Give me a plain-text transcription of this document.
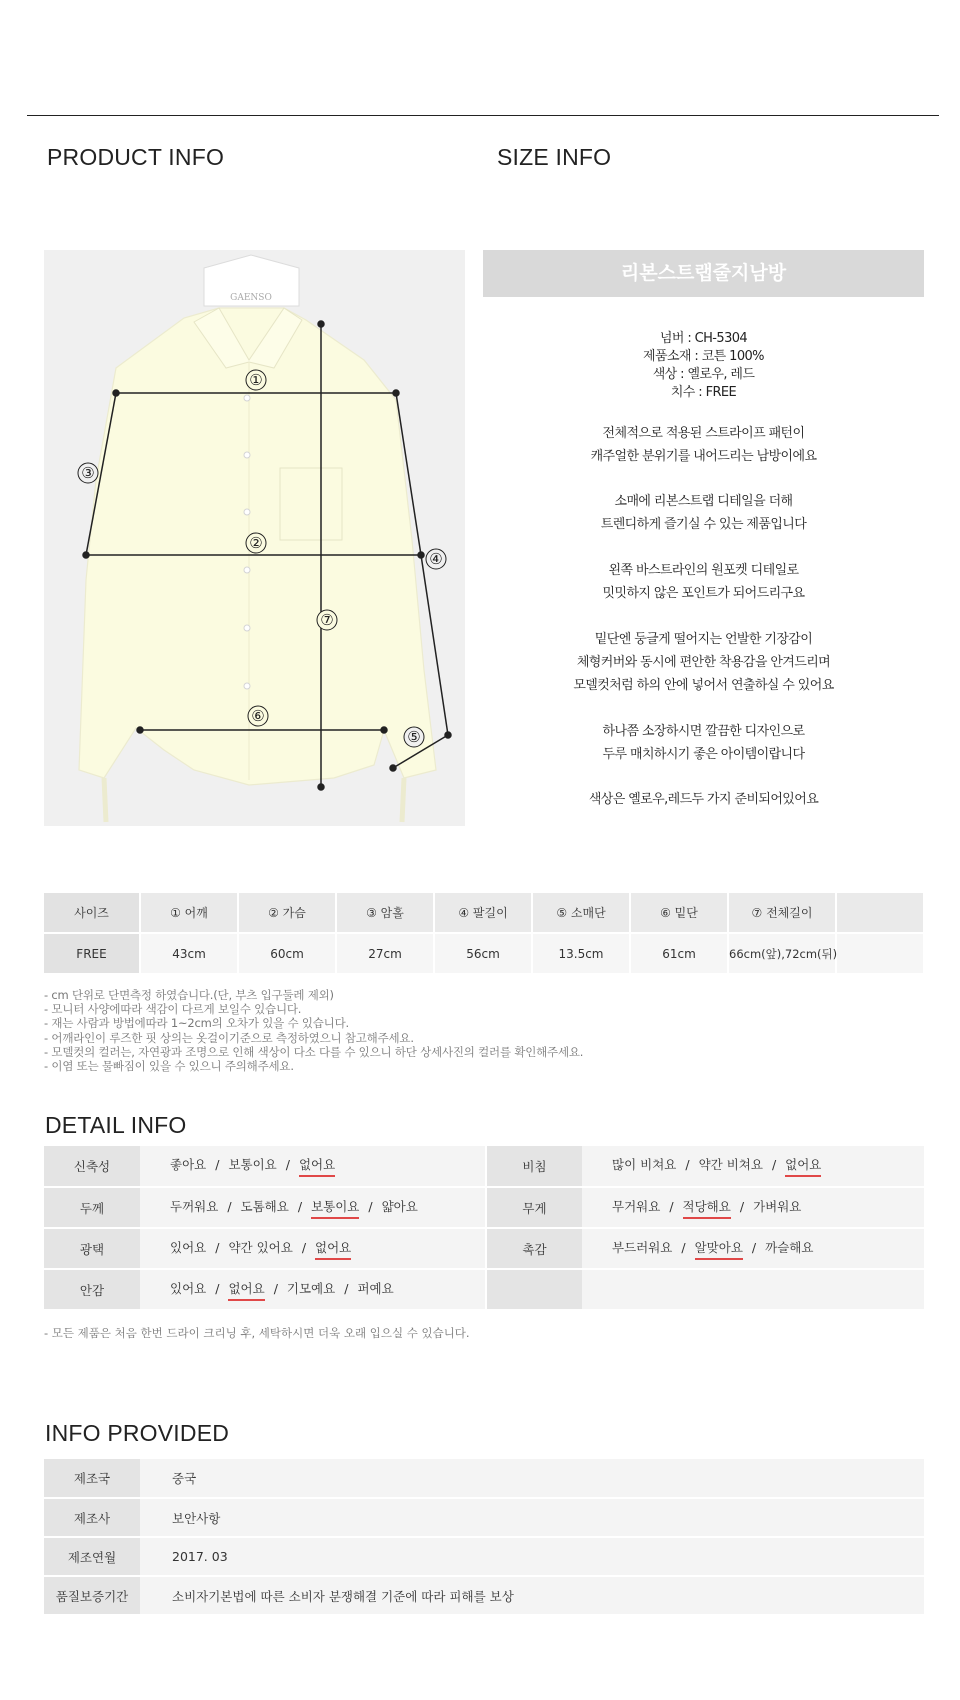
PRODUCT INFO	SIZE INFO
GAENSO
①
②
③
④
⑤
⑥
⑦
리본스트랩줄지남방
넘버 : CH-5304
제품소재 : 코튼 100%
색상 : 옐로우, 레드
치수 : FREE
전체적으로 적용된 스트라이프 패턴이
캐주얼한 분위기를 내어드리는 남방이에요
소매에 리본스트랩 디테일을 더해
트렌디하게 즐기실 수 있는 제품입니다
왼쪽 바스트라인의 원포켓 디테일로
밋밋하지 않은 포인트가 되어드리구요
밑단엔 둥글게 떨어지는 언발한 기장감이
체형커버와 동시에 편안한 착용감을 안겨드리며
모델컷처럼 하의 안에 넣어서 연출하실 수 있어요
하나쯤 소장하시면 깔끔한 디자인으로
두루 매치하시기 좋은 아이템이랍니다
색상은 옐로우,레드두 가지 준비되어있어요
사이즈	① 어깨	② 가슴	③ 암홀	④ 팔길이	⑤ 소매단	⑥ 밑단	⑦ 전체길이	
FREE	43cm	60cm	27cm	56cm	13.5cm	61cm	66cm(앞),72cm(뒤)	
- cm 단위로 단면측정 하였습니다.(단, 부츠 입구둘레 제외)
- 모니터 사양에따라 색감이 다르게 보일수 있습니다.
- 재는 사람과 방법에따라 1~2cm의 오차가 있을 수 있습니다.
- 어깨라인이 루즈한 핏 상의는 옷걸이기준으로 측정하였으니 참고해주세요.
- 모델컷의 컬러는, 자연광과 조명으로 인해 색상이 다소 다를 수 있으니 하단 상세사진의 컬러를 확인해주세요.
- 이염 또는 물빠짐이 있을 수 있으니 주의해주세요.
DETAIL INFO
신축성	좋아요 / 보통이요 / 없어요	비침	많이 비쳐요 / 약간 비쳐요 / 없어요
두께	두꺼워요 / 도톰해요 / 보통이요 / 얇아요	무게	무거워요 / 적당해요 / 가벼워요
광택	있어요 / 약간 있어요 / 없어요	촉감	부드러워요 / 알맞아요 / 까슬해요
안감	있어요 / 없어요 / 기모예요 / 퍼예요		
- 모든 제품은 처음 한번 드라이 크리닝 후, 세탁하시면 더욱 오래 입으실 수 있습니다.
INFO PROVIDED
제조국	중국
제조사	보안사항
제조연월	2017. 03
품질보증기간	소비자기본법에 따른 소비자 분쟁해결 기준에 따라 피해를 보상
